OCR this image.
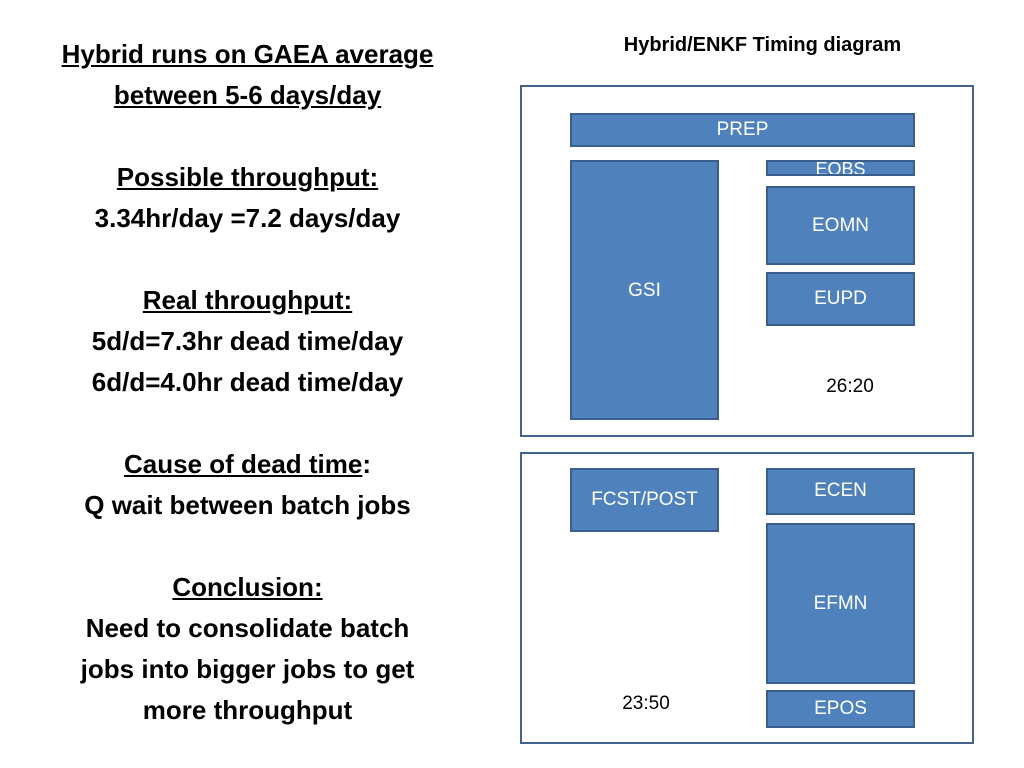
Hybrid runs on GAEA average
between 5-6 days/day
Possible throughput:
3.34hr/day =7.2 days/day
Real throughput:
5d/d=7.3hr dead time/day
6d/d=4.0hr dead time/day
Cause of dead time:
Q wait between batch jobs
Conclusion:
Need to consolidate batch
jobs into bigger jobs to get
more throughput
Hybrid/ENKF Timing diagram
PREP
EOBS
GSI
EOMN
EUPD
26:20
FCST/POST	ECEN
EFMN
EPOS
23:50
